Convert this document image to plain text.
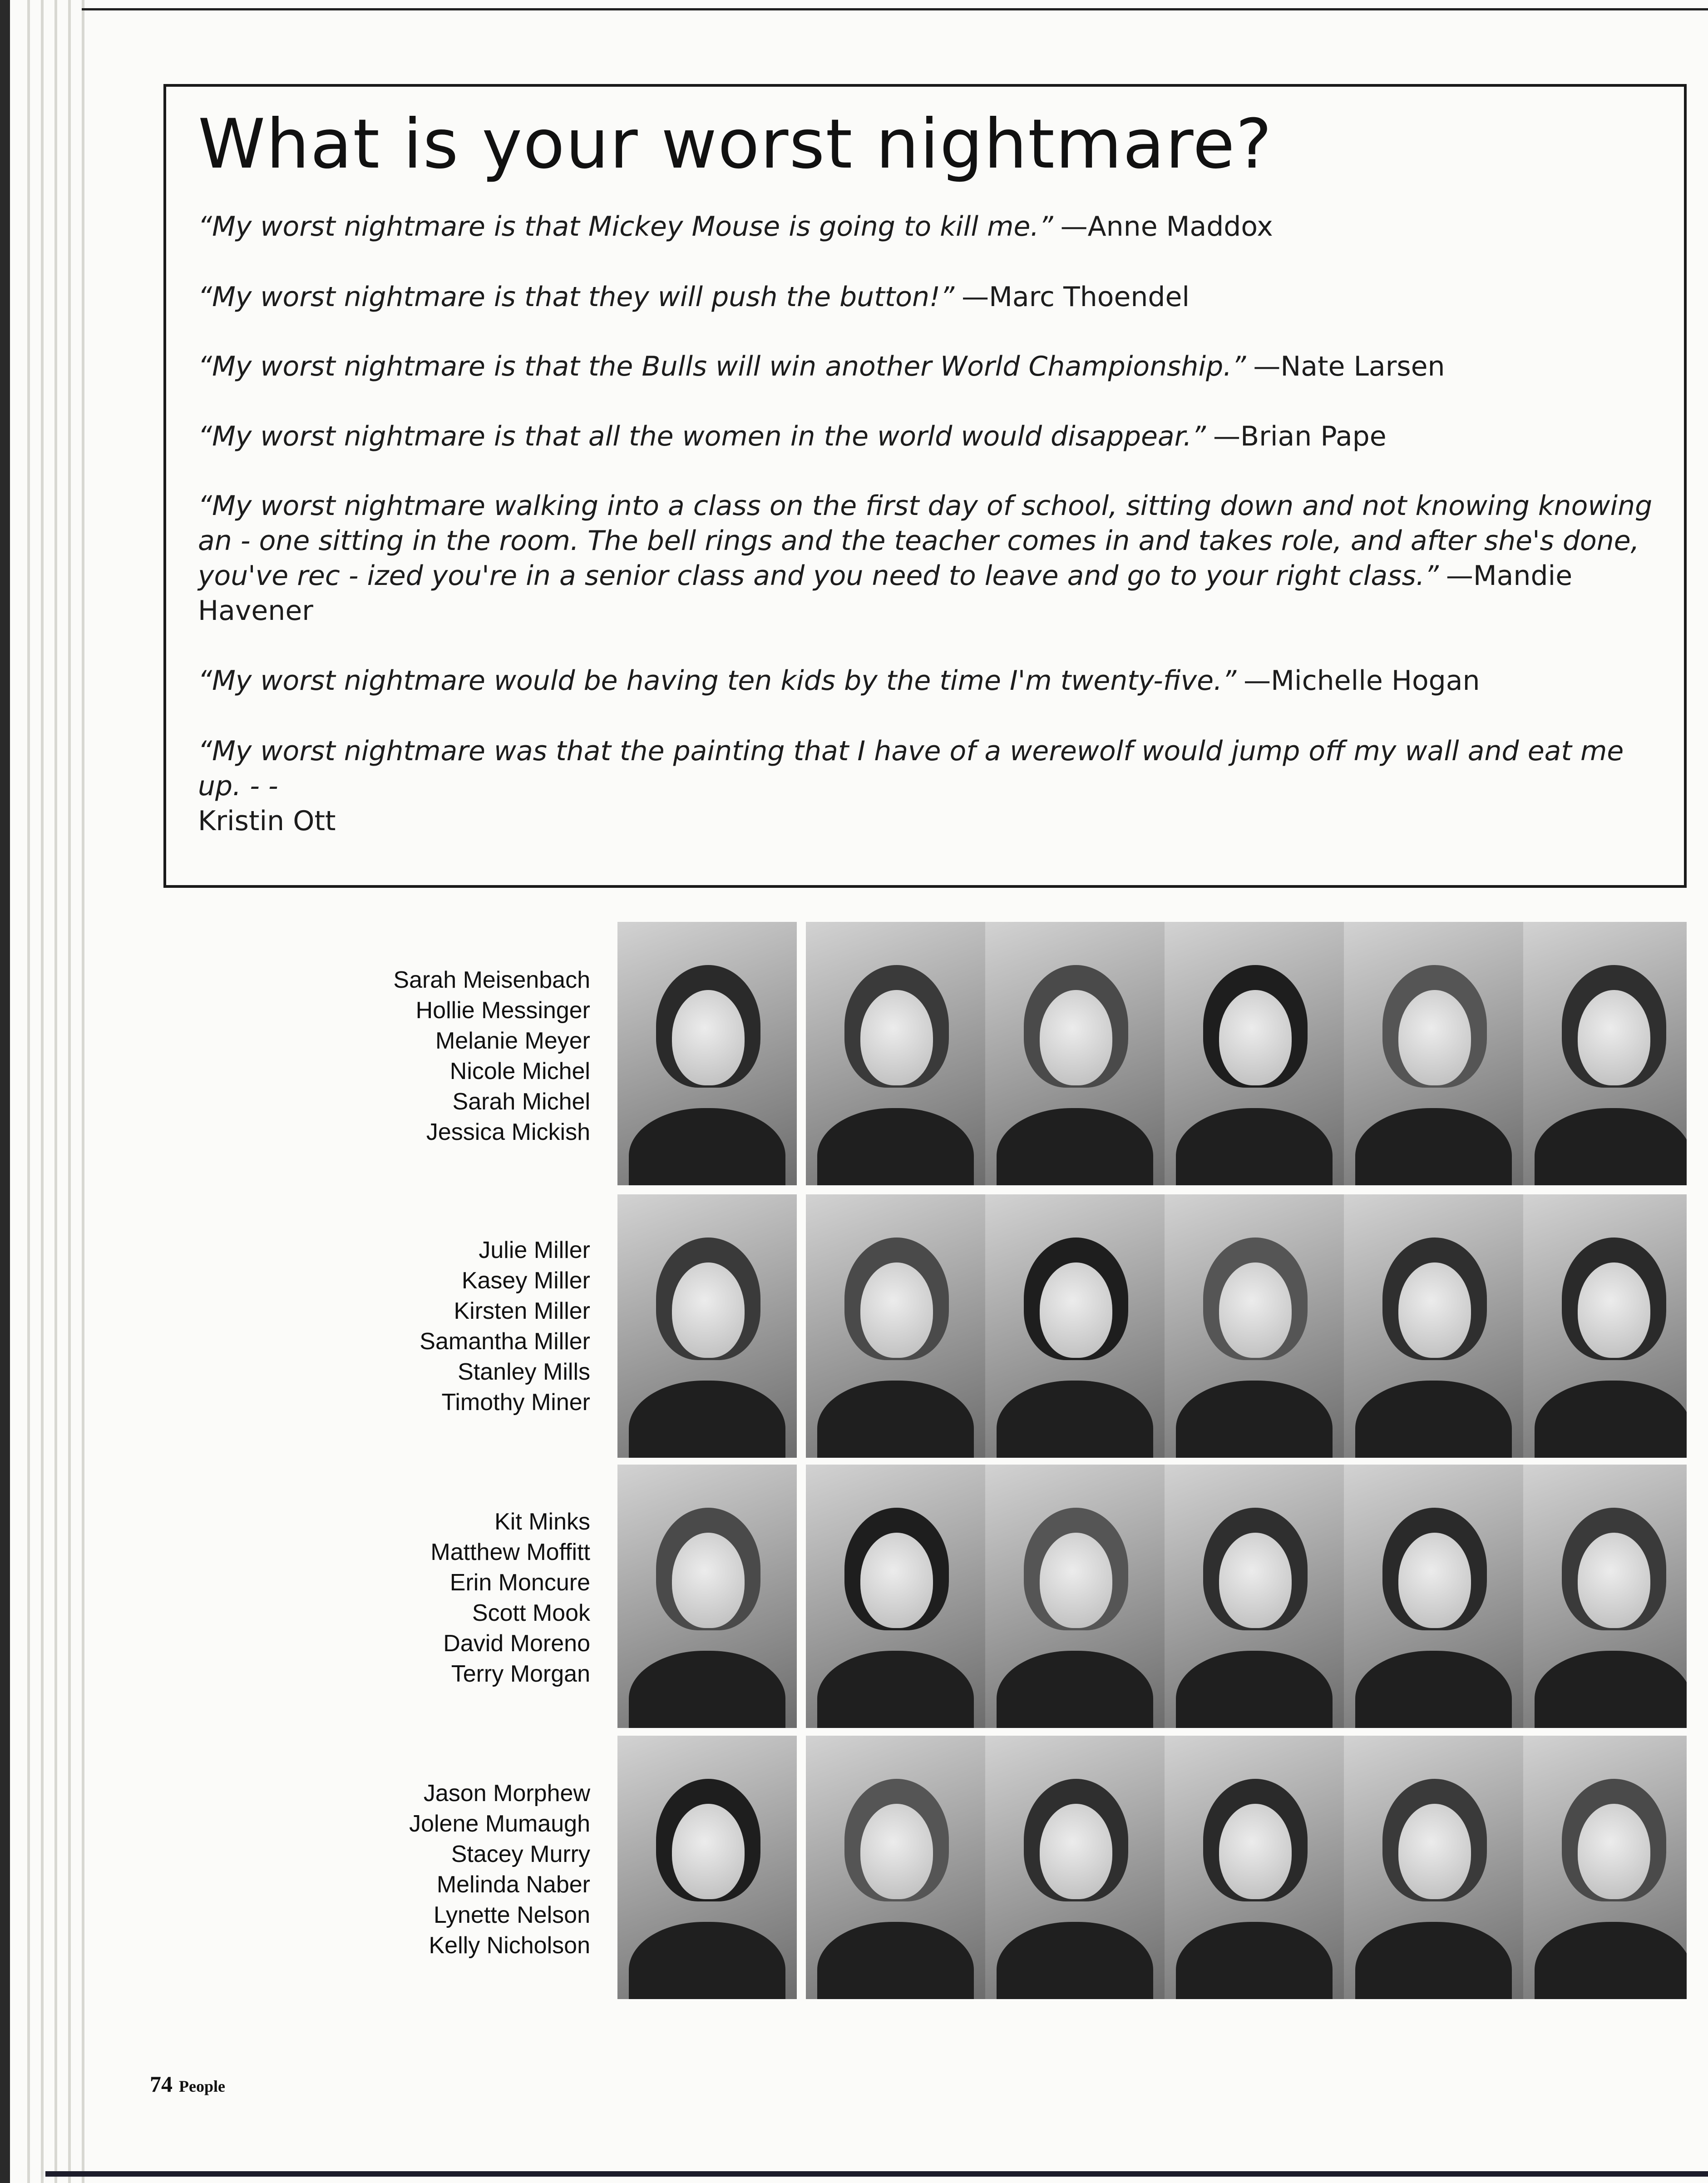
What is your worst nightmare?
“My worst nightmare is that Mickey Mouse is going to kill me.” —Anne Maddox
“My worst nightmare is that they will push the button!” —Marc Thoendel
“My worst nightmare is that the Bulls will win another World Championship.” —Nate Larsen
“My worst nightmare is that all the women in the world would disappear.” —Brian Pape
“My worst nightmare walking into a class on the first day of school, sitting down and not knowing knowing an - one sitting in the room. The bell rings and the teacher comes in and takes role, and after she's done, you've rec - ized you're in a senior class and you need to leave and go to your right class.” —Mandie Havener
“My worst nightmare would be having ten kids by the time I'm twenty-five.” —Michelle Hogan
“My worst nightmare was that the painting that I have of a werewolf would jump off my wall and eat me up. - -
Kristin Ott
Sarah Meisenbach
Hollie Messinger
Melanie Meyer
Nicole Michel
Sarah Michel
Jessica Mickish
Julie Miller
Kasey Miller
Kirsten Miller
Samantha Miller
Stanley Mills
Timothy Miner
Kit Minks
Matthew Moffitt
Erin Moncure
Scott Mook
David Moreno
Terry Morgan
Jason Morphew
Jolene Mumaugh
Stacey Murry
Melinda Naber
Lynette Nelson
Kelly Nicholson
74 People
